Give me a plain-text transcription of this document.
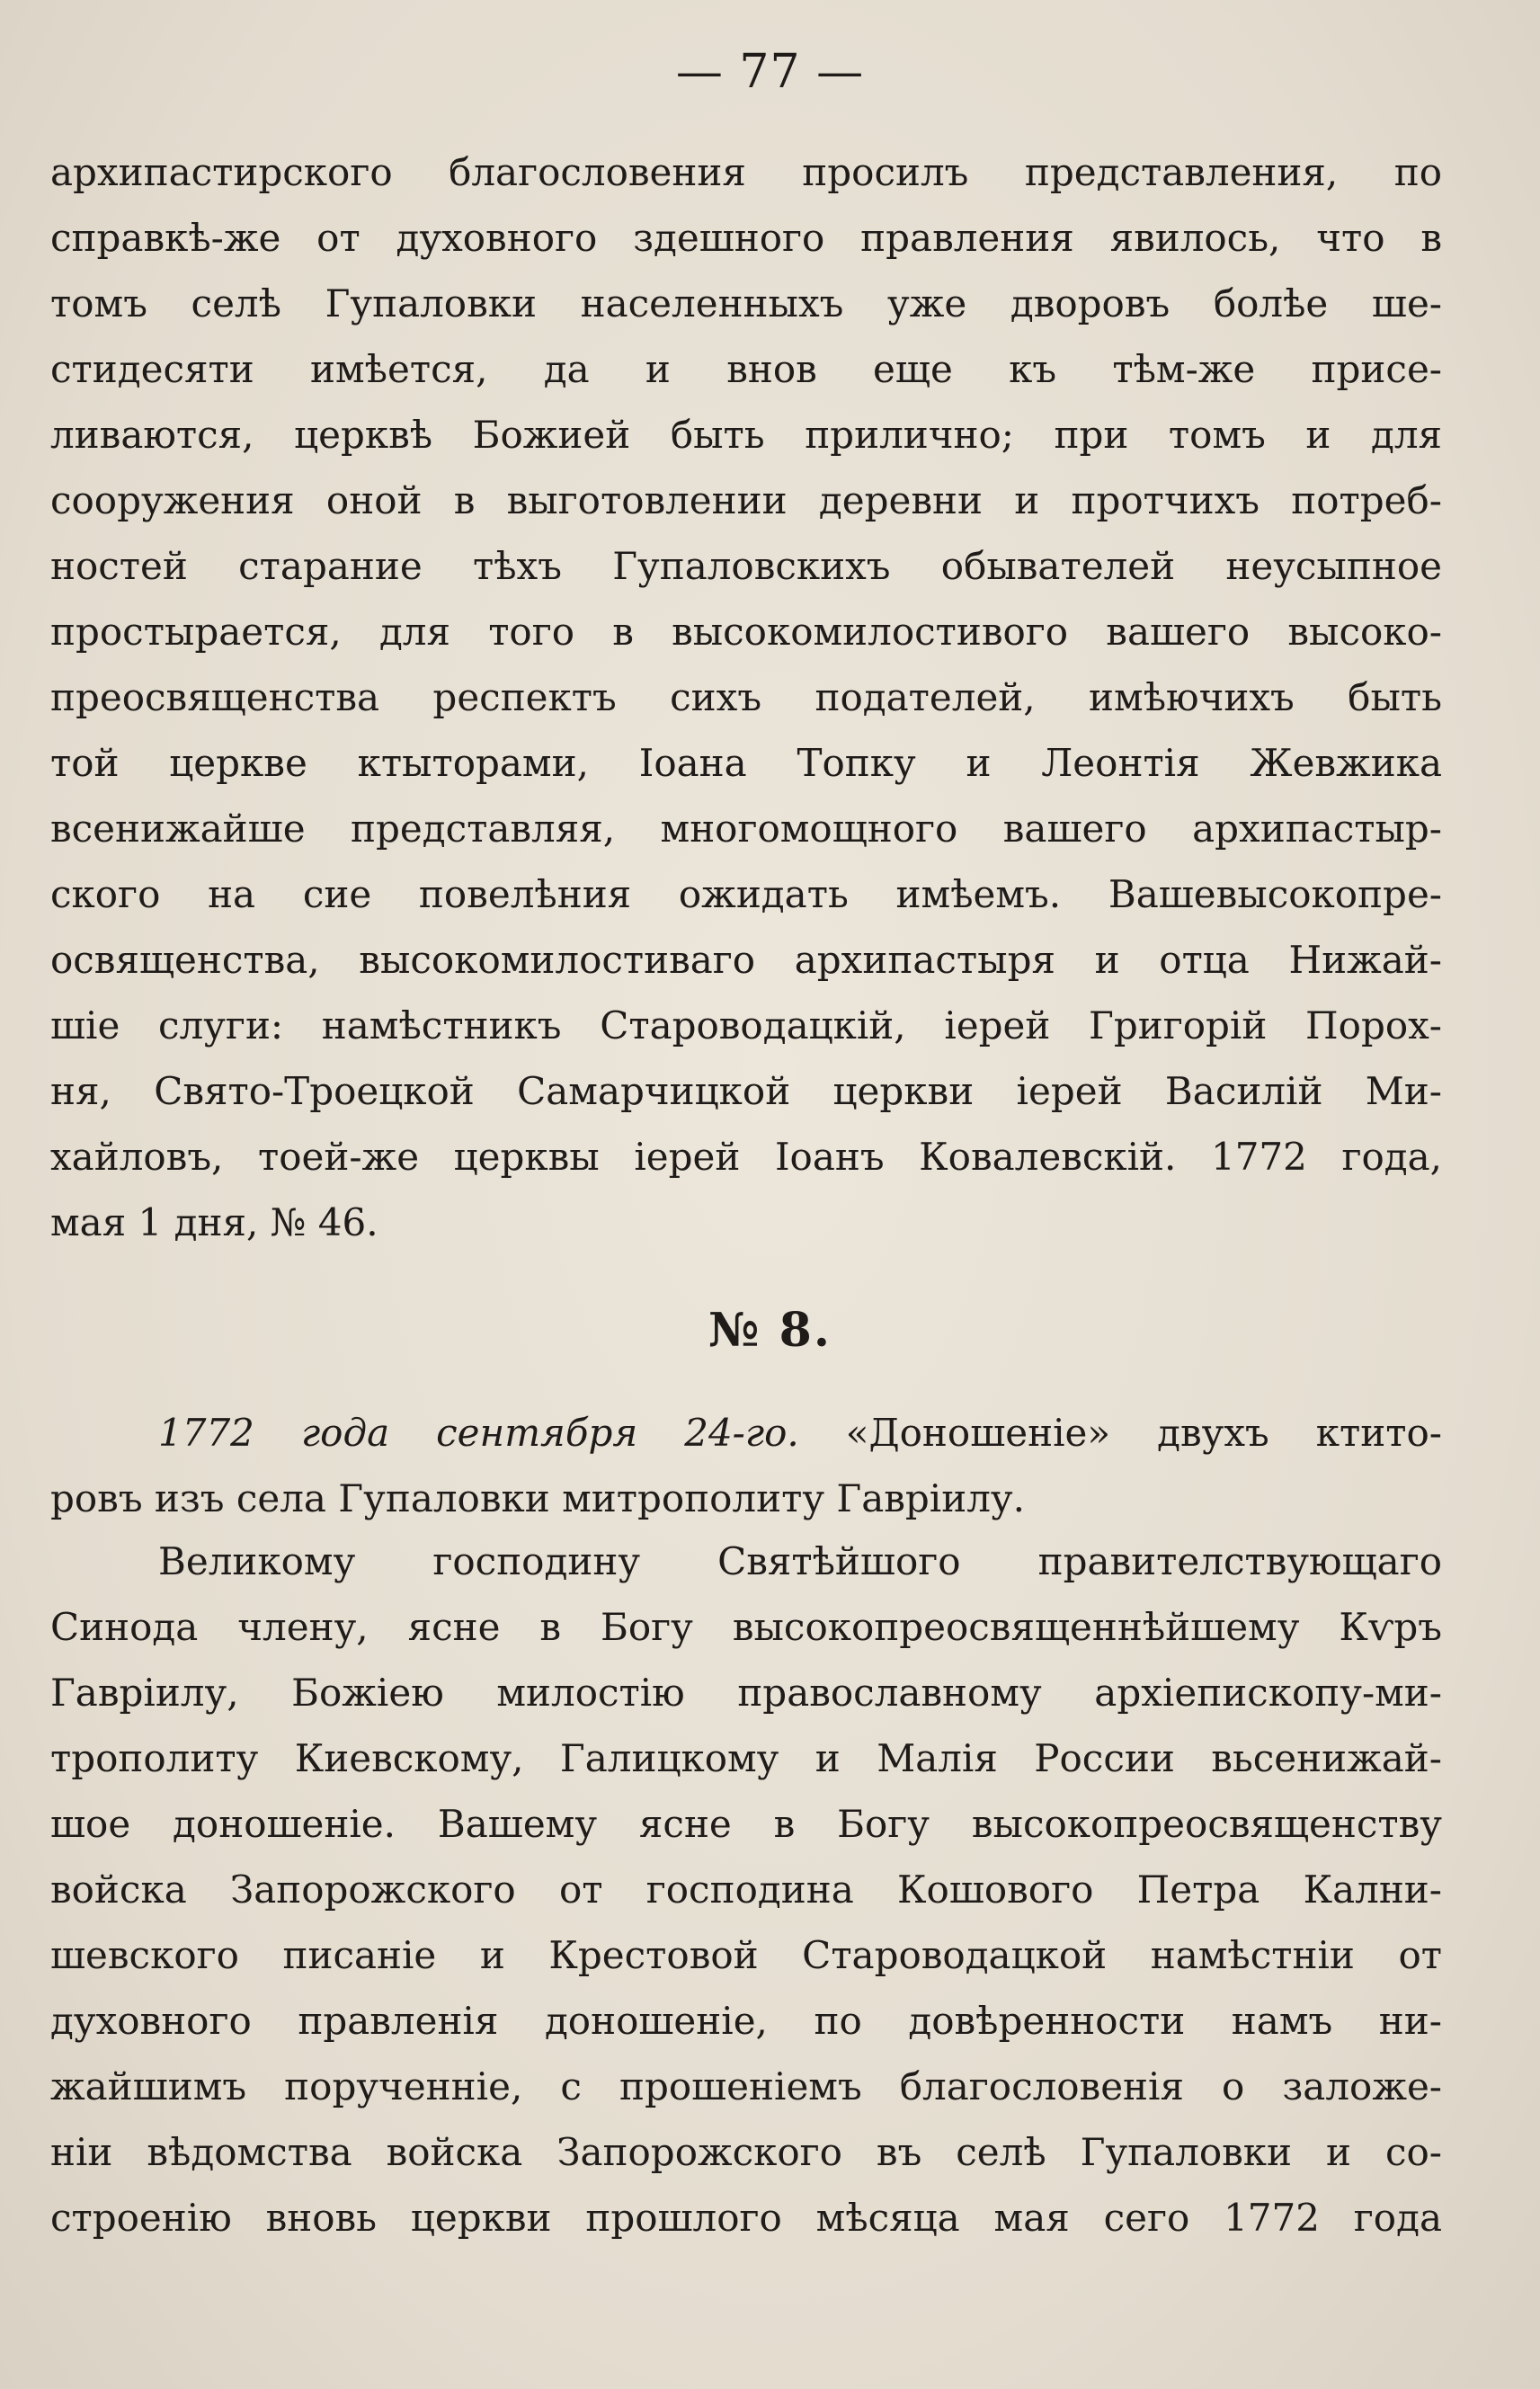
— 77 —
архипастирского благословения просилъ представления, по
справкѣ-же от духовного здешного правления явилось, что в
томъ селѣ Гупаловки населенныхъ уже дворовъ болѣе ше-
стидесяти имѣется, да и внов еще къ тѣм-же присе-
ливаются, церквѣ Божией быть прилично; при томъ и для
сооружения оной в выготовлении деревни и протчихъ потреб-
ностей старание тѣхъ Гупаловскихъ обывателей неусыпное
простырается, для того в высокомилостивого вашего высоко-
преосвященства респектъ сихъ подателей, имѣючихъ быть
той церкве ктыторами, Іоана Топку и Леонтія Жевжика
всенижайше представляя, многомощного вашего архипастыр-
ского на сие повелѣния ожидать имѣемъ. Вашевысокопре-
освященства, высокомилостиваго архипастыря и отца Нижай-
шіе слуги: намѣстникъ Староводацкій, іерей Григорій Порох-
ня, Свято-Троецкой Самарчицкой церкви іерей Василій Ми-
хайловъ, тоей-же церквы іерей Іоанъ Ковалевскій. 1772 года,
мая 1 дня, № 46.
№ 8.
1772 года сентября 24-го. «Доношеніе» двухъ ктито-
ровъ изъ села Гупаловки митрополиту Гавріилу.
Великому господину Святѣйшого правителствующаго
Синода члену, ясне в Богу высокопреосвященнѣйшему Кѵръ
Гавріилу, Божіею милостію православному архіепископу-ми-
трополиту Киевскому, Галицкому и Малія России вьсенижай-
шое доношеніе. Вашему ясне в Богу высокопреосвященству
войска Запорожского от господина Кошового Петра Кални-
шевского писаніе и Крестовой Староводацкой намѣстніи от
духовного правленія доношеніе, по довѣренности намъ ни-
жайшимъ порученніе, с прошеніемъ благословенія о заложе-
ніи вѣдомства войска Запорожского въ селѣ Гупаловки и со-
строенію вновь церкви прошлого мѣсяца мая сего 1772 года
